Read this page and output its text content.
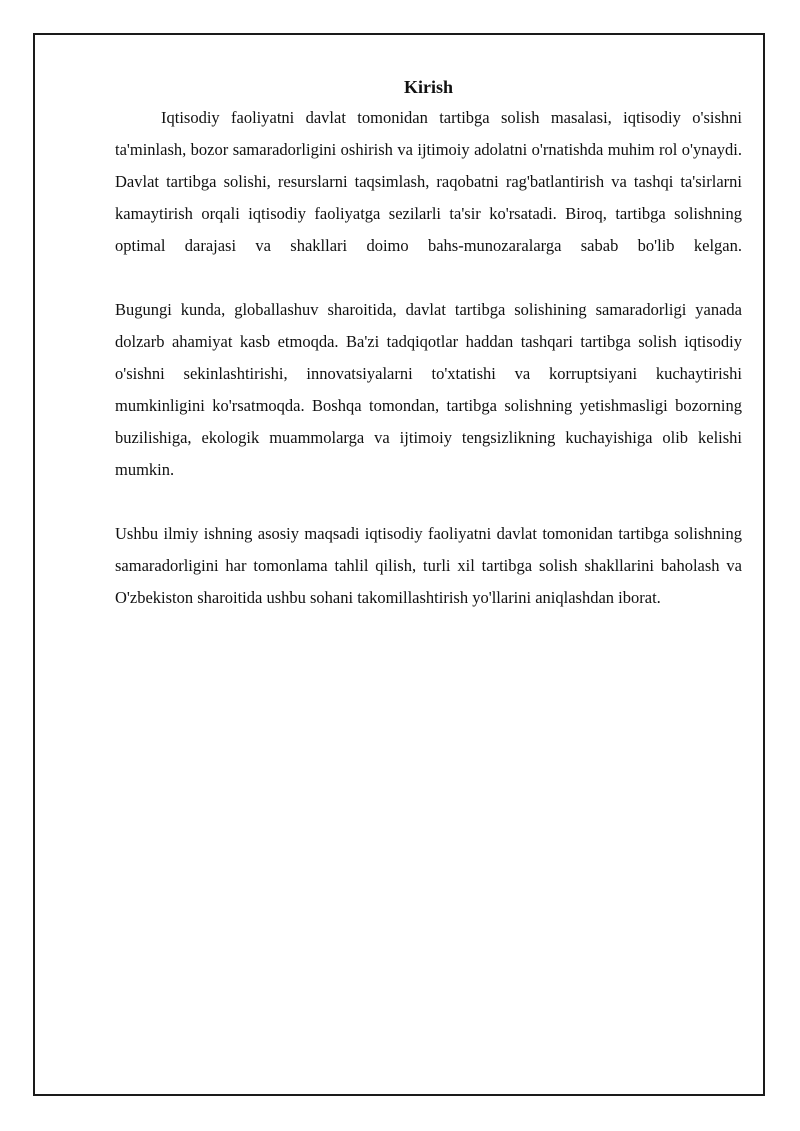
Kirish

Iqtisodiy faoliyatni davlat tomonidan tartibga solish masalasi, iqtisodiy o'sishni ta'minlash, bozor samaradorligini oshirish va ijtimoiy adolatni o'rnatishda muhim rol o'ynaydi. Davlat tartibga solishi, resurslarni taqsimlash, raqobatni rag'batlantirish va tashqi ta'sirlarni kamaytirish orqali iqtisodiy faoliyatga sezilarli ta'sir ko'rsatadi. Biroq, tartibga solishning optimal darajasi va shakllari doimo bahs-munozaralarga sabab bo'lib kelgan.

Bugungi kunda, globallashuv sharoitida, davlat tartibga solishining samaradorligi yanada dolzarb ahamiyat kasb etmoqda. Ba'zi tadqiqotlar haddan tashqari tartibga solish iqtisodiy o'sishni sekinlashtirishi, innovatsiyalarni to'xtatishi va korruptsiyani kuchaytirishi mumkinligini ko'rsatmoqda. Boshqa tomondan, tartibga solishning yetishmasligi bozorning buzilishiga, ekologik muammolarga va ijtimoiy tengsizlikning kuchayishiga olib kelishi mumkin.

Ushbu ilmiy ishning asosiy maqsadi iqtisodiy faoliyatni davlat tomonidan tartibga solishning samaradorligini har tomonlama tahlil qilish, turli xil tartibga solish shakllarini baholash va O'zbekiston sharoitida ushbu sohani takomillashtirish yo'llarini aniqlashdan iborat.
